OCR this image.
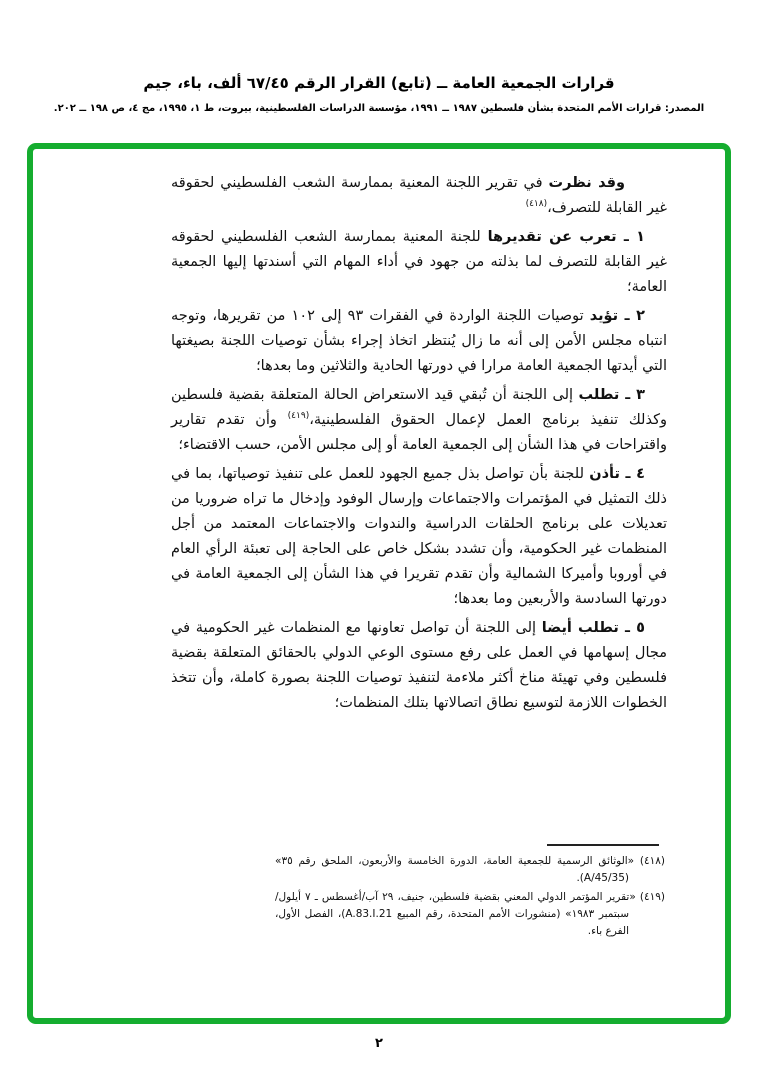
قرارات الجمعية العامة ــ (تابع) القرار الرقم ٦٧/٤٥ ألف، باء، جيم
المصدر: قرارات الأمم المتحدة بشأن فلسطين ١٩٨٧ ــ ١٩٩١، مؤسسة الدراسات الفلسطينية، بيروت، ط ١، ١٩٩٥، مج ٤، ص ١٩٨ ــ ٢٠٢.

وقد نظرت في تقرير اللجنة المعنية بممارسة الشعب الفلسطيني لحقوقه غير القابلة للتصرف،$^{(٤١٨)}$

١ ـ تعرب عن تقديرها للجنة المعنية بممارسة الشعب الفلسطيني لحقوقه غير القابلة للتصرف لما بذلته من جهود في أداء المهام التي أسندتها إليها الجمعية العامة؛

٢ ـ تؤيد توصيات اللجنة الواردة في الفقرات ٩٣ إلى ١٠٢ من تقريرها، وتوجه انتباه مجلس الأمن إلى أنه ما زال يُنتظر اتخاذ إجراء بشأن توصيات اللجنة بصيغتها التي أيدتها الجمعية العامة مرارا في دورتها الحادية والثلاثين وما بعدها؛

٣ ـ تطلب إلى اللجنة أن تُبقي قيد الاستعراض الحالة المتعلقة بقضية فلسطين وكذلك تنفيذ برنامج العمل لإعمال الحقوق الفلسطينية،$^{(٤١٩)}$ وأن تقدم تقارير واقتراحات في هذا الشأن إلى الجمعية العامة أو إلى مجلس الأمن، حسب الاقتضاء؛

٤ ـ تأذن للجنة بأن تواصل بذل جميع الجهود للعمل على تنفيذ توصياتها، بما في ذلك التمثيل في المؤتمرات والاجتماعات وإرسال الوفود وإدخال ما تراه ضروريا من تعديلات على برنامج الحلقات الدراسية والندوات والاجتماعات المعتمد من أجل المنظمات غير الحكومية، وأن تشدد بشكل خاص على الحاجة إلى تعبئة الرأي العام في أوروبا وأميركا الشمالية وأن تقدم تقريرا في هذا الشأن إلى الجمعية العامة في دورتها السادسة والأربعين وما بعدها؛

٥ ـ تطلب أيضا إلى اللجنة أن تواصل تعاونها مع المنظمات غير الحكومية في مجال إسهامها في العمل على رفع مستوى الوعي الدولي بالحقائق المتعلقة بقضية فلسطين وفي تهيئة مناخ أكثر ملاءمة لتنفيذ توصيات اللجنة بصورة كاملة، وأن تتخذ الخطوات اللازمة لتوسيع نطاق اتصالاتها بتلك المنظمات؛

(٤١٨) «الوثائق الرسمية للجمعية العامة، الدورة الخامسة والأربعون، الملحق رقم ٣٥» (A/45/35).

(٤١٩) «تقرير المؤتمر الدولي المعني بقضية فلسطين، جنيف، ٢٩ آب/أغسطس ـ ٧ أيلول/سبتمبر ١٩٨٣» (منشورات الأمم المتحدة، رقم المبيع A.83.I.21)، الفصل الأول، الفرع باء.

٢
